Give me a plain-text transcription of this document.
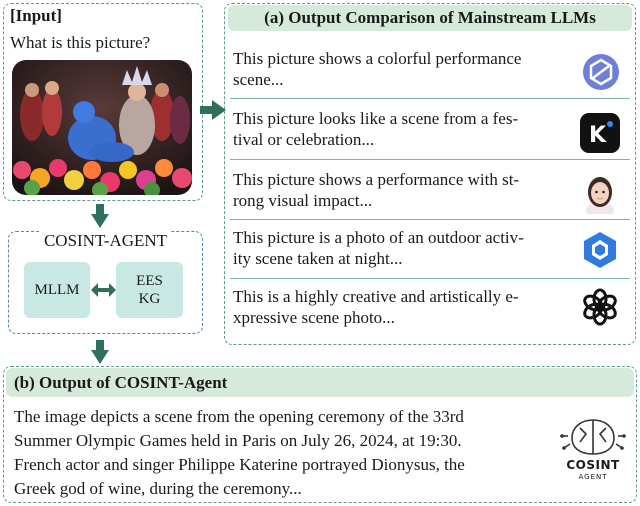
[Input]
What is this picture?
COSINT-AGENT
MLLM
EES
KG
(a) Output Comparison of Mainstream LLMs
This picture shows a colorful performance
scene...
This picture looks like a scene from a fes-
tival or celebration...
This picture shows a performance with st-
rong visual impact...
This picture is a photo of an outdoor activ-
ity scene taken at night...
This is a highly creative and artistically e-
xpressive scene photo...
K
(b) Output of COSINT-Agent
The image depicts a scene from the opening ceremony of the 33rd
Summer Olympic Games held in Paris on July 26, 2024, at 19:30.
French actor and singer Philippe Katerine portrayed Dionysus, the
Greek god of wine, during the ceremony...
COSINT
AGENT
